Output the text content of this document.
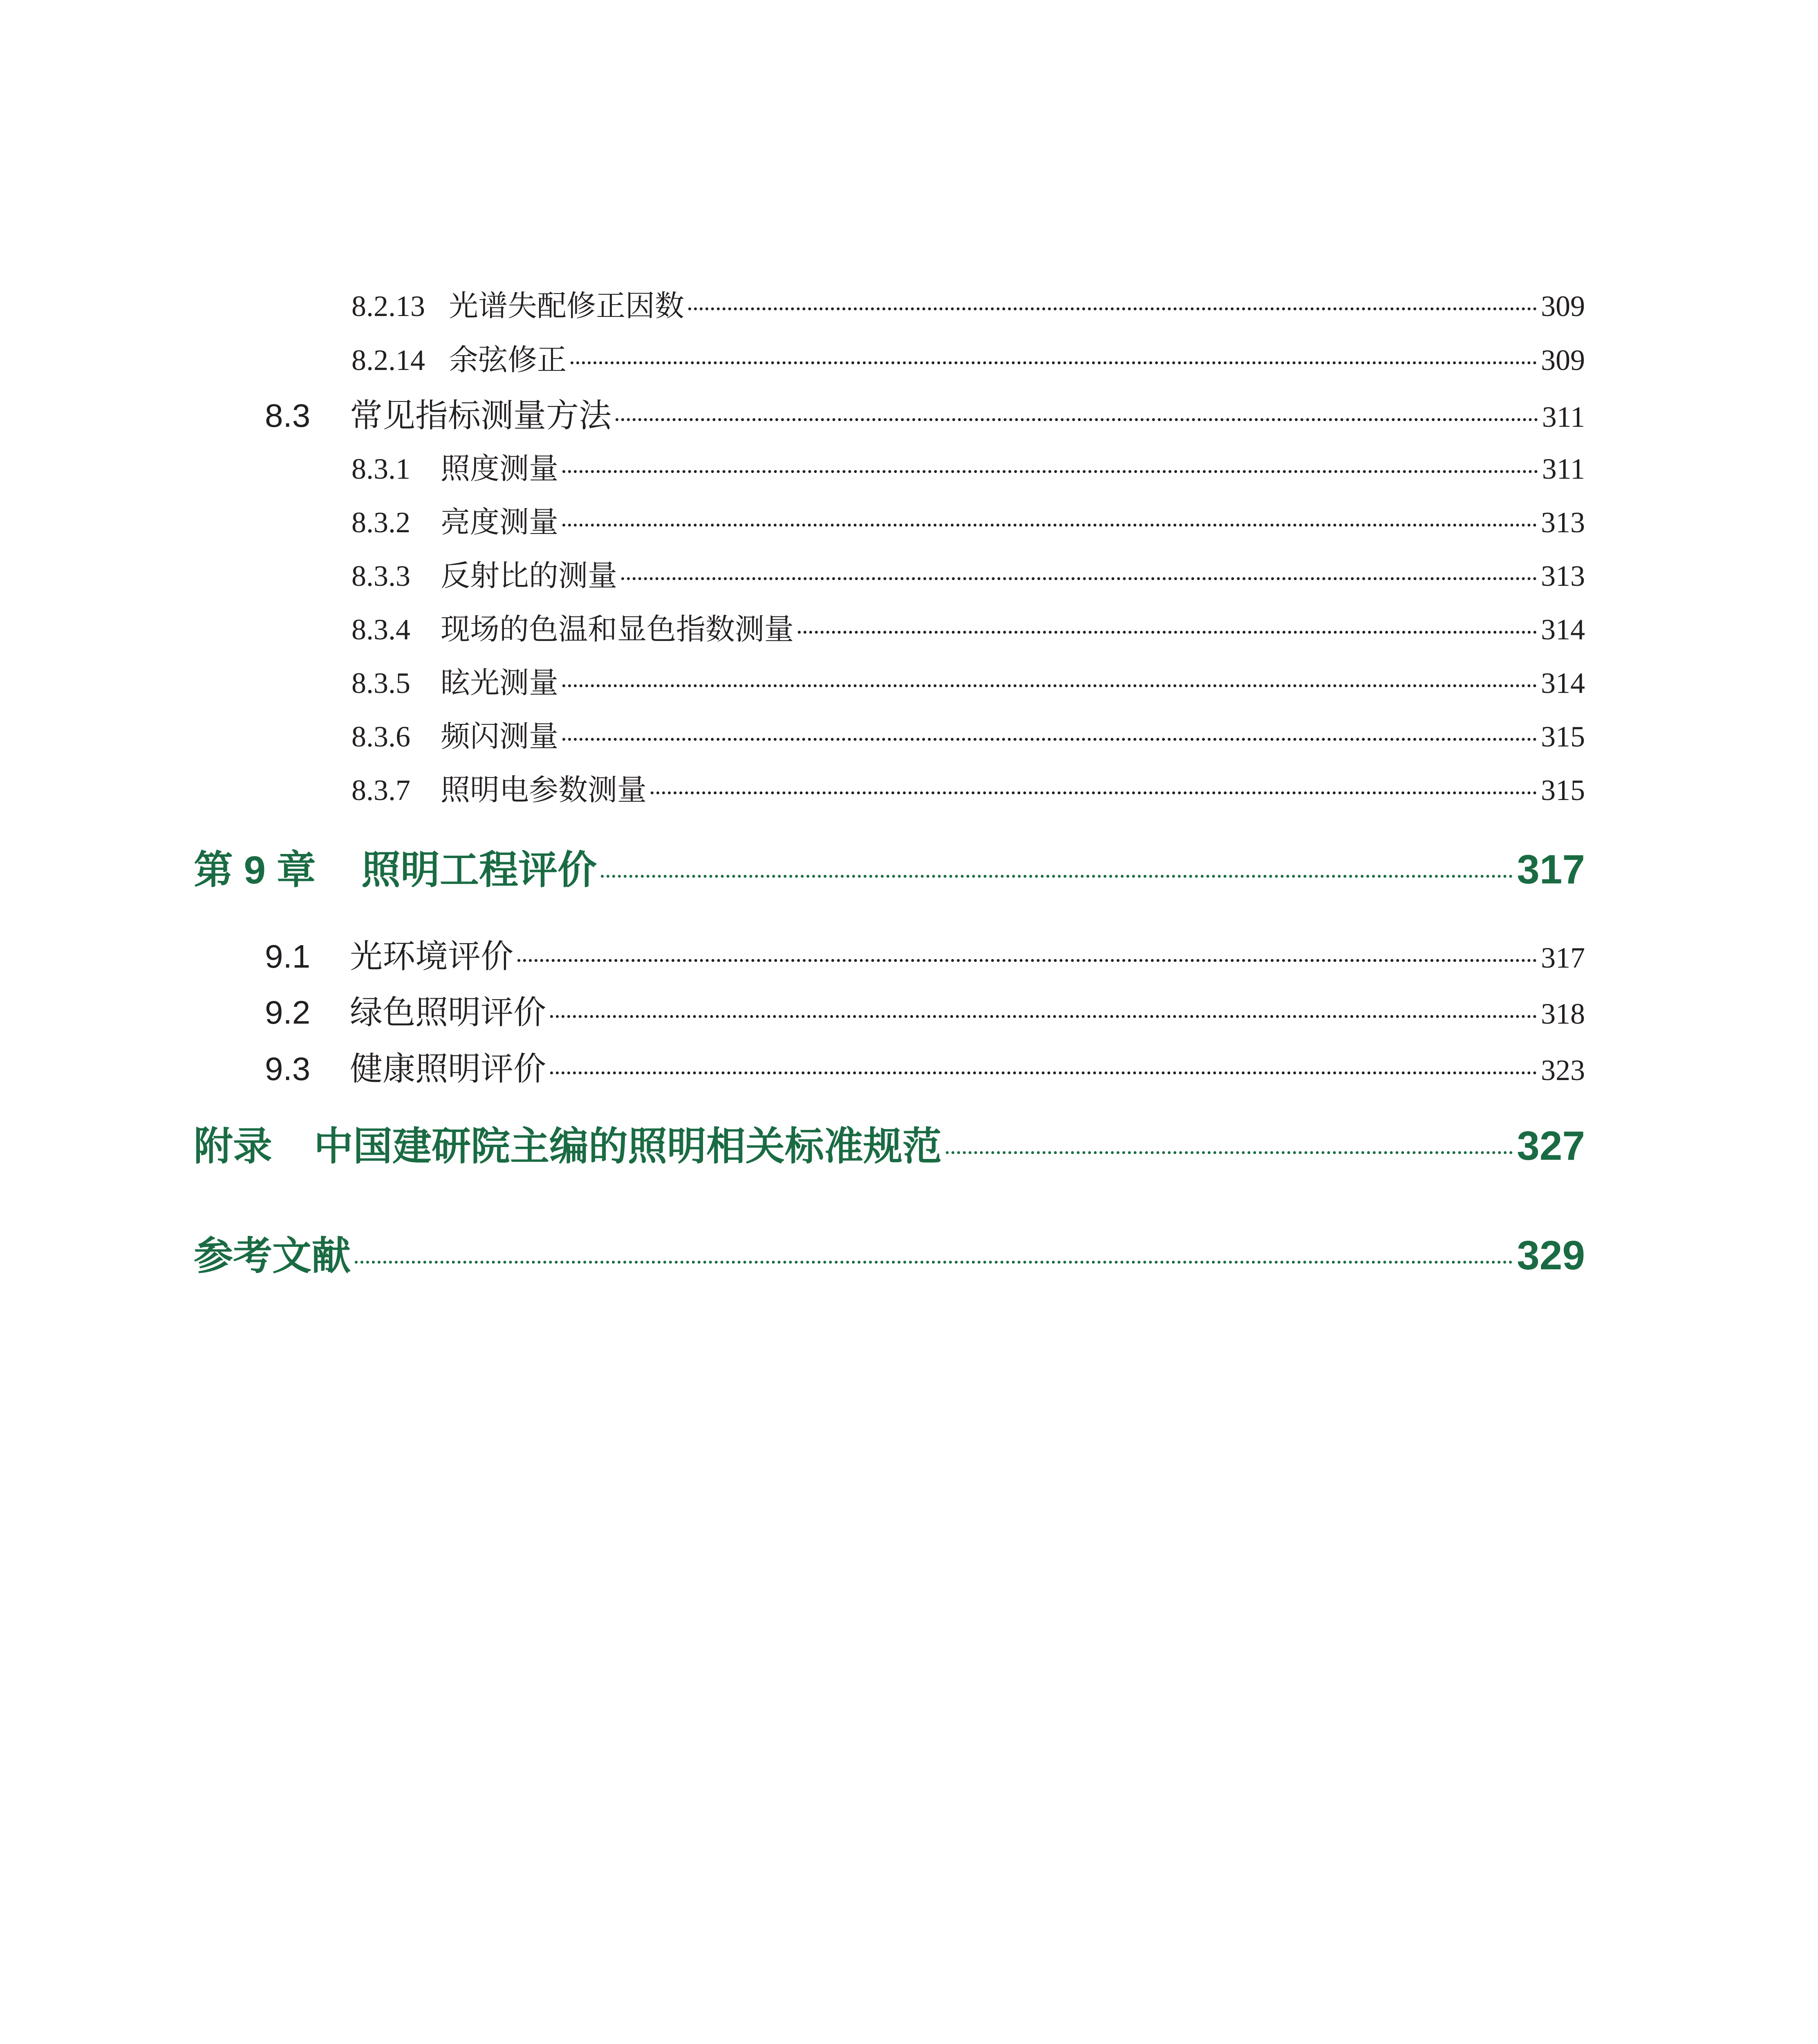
8.2.13 光谱失配修正因数	309
8.2.14 余弦修正	309
8.3	常见指标测量方法	311
8.3.1	照度测量	311
8.3.2	亮度测量	313
8.3.3	反射比的测量	313
8.3.4	现场的色温和显色指数测量	314
8.3.5	眩光测量	314
8.3.6	频闪测量	315
8.3.7	照明电参数测量	315
第 9 章	照明工程评价	317
9.1	光环境评价	317
9.2	绿色照明评价	318
9.3	健康照明评价	323
附录	中国建研院主编的照明相关标准规范	327
参考文献	329
